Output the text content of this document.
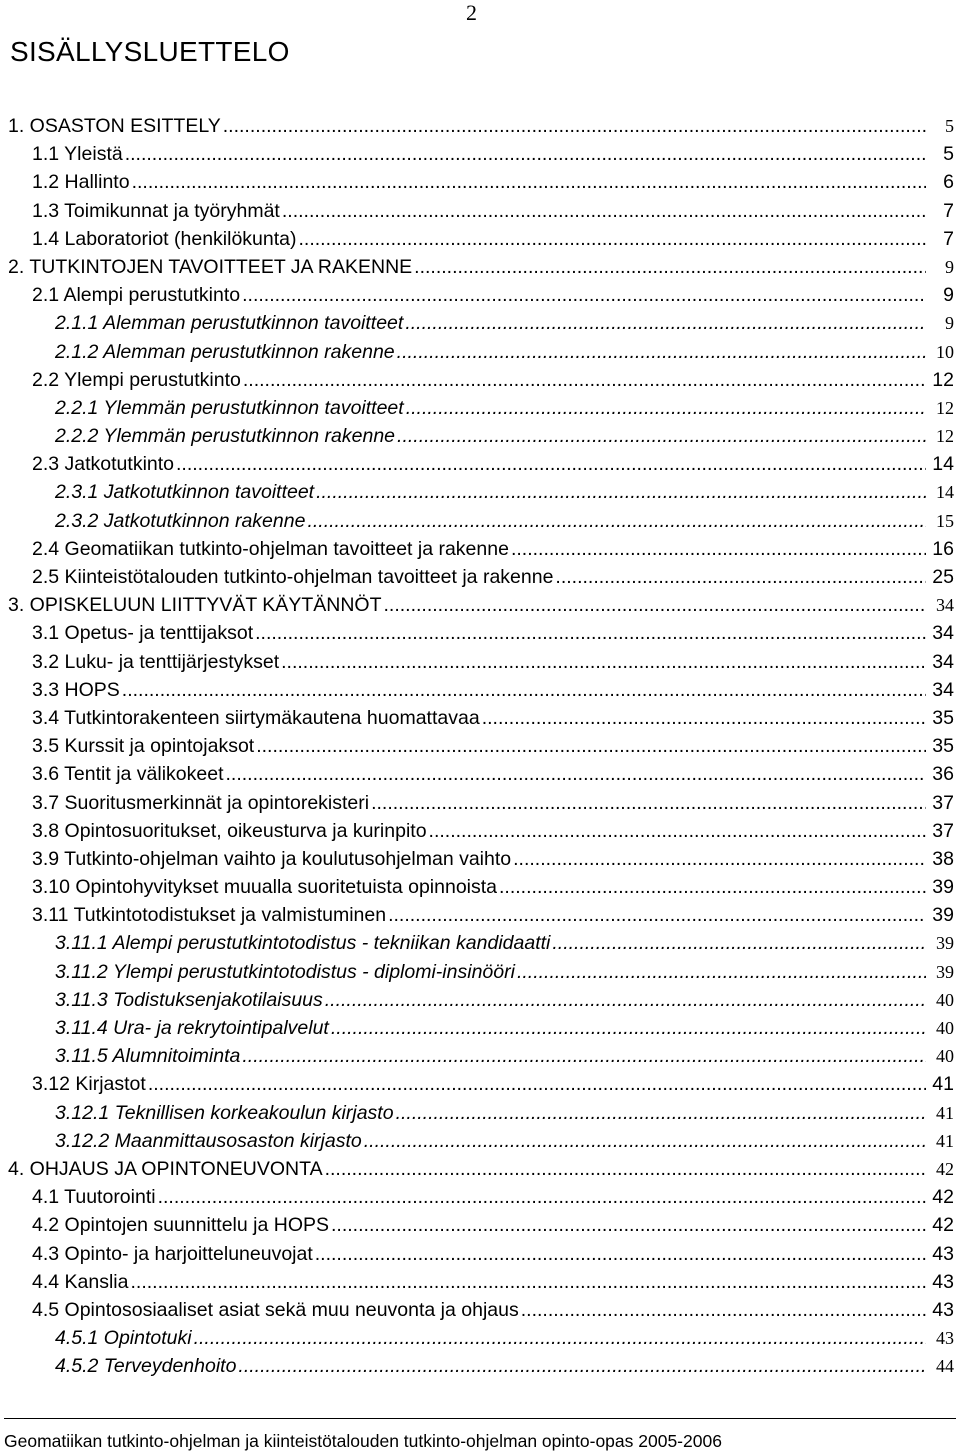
2
SISÄLLYSLUETTELO
1. OSASTON ESITTELY .....	5
1.1 Yleistä .....	5
1.2 Hallinto .....	6
1.3 Toimikunnat ja työryhmät .....	7
1.4 Laboratoriot (henkilökunta) .....	7
2. TUTKINTOJEN TAVOITTEET JA RAKENNE .....	9
2.1 Alempi perustutkinto .....	9
2.1.1 Alemman perustutkinnon tavoitteet .....	9
2.1.2 Alemman perustutkinnon rakenne .....	10
2.2 Ylempi perustutkinto .....	12
2.2.1 Ylemmän perustutkinnon tavoitteet .....	12
2.2.2 Ylemmän perustutkinnon rakenne .....	12
2.3 Jatkotutkinto .....	14
2.3.1 Jatkotutkinnon tavoitteet .....	14
2.3.2 Jatkotutkinnon rakenne .....	15
2.4 Geomatiikan tutkinto-ohjelman tavoitteet ja rakenne .....	16
2.5 Kiinteistötalouden tutkinto-ohjelman tavoitteet ja rakenne .....	25
3. OPISKELUUN LIITTYVÄT KÄYTÄNNÖT .....	34
3.1 Opetus- ja tenttijaksot .....	34
3.2 Luku- ja tenttijärjestykset .....	34
3.3 HOPS .....	34
3.4 Tutkintorakenteen siirtymäkautena huomattavaa .....	35
3.5 Kurssit ja opintojaksot .....	35
3.6 Tentit ja välikokeet .....	36
3.7 Suoritusmerkinnät ja opintorekisteri .....	37
3.8 Opintosuoritukset, oikeusturva ja kurinpito .....	37
3.9 Tutkinto-ohjelman vaihto ja koulutusohjelman vaihto .....	38
3.10 Opintohyvitykset muualla suoritetuista opinnoista .....	39
3.11 Tutkintotodistukset ja valmistuminen .....	39
3.11.1 Alempi perustutkintotodistus - tekniikan kandidaatti .....	39
3.11.2 Ylempi perustutkintotodistus - diplomi-insinööri .....	39
3.11.3 Todistuksenjakotilaisuus .....	40
3.11.4 Ura- ja rekrytointipalvelut .....	40
3.11.5 Alumnitoiminta .....	40
3.12 Kirjastot .....	41
3.12.1 Teknillisen korkeakoulun kirjasto .....	41
3.12.2 Maanmittausosaston kirjasto .....	41
4. OHJAUS JA OPINTONEUVONTA .....	42
4.1 Tuutorointi .....	42
4.2 Opintojen suunnittelu ja HOPS .....	42
4.3 Opinto- ja harjoitteluneuvojat .....	43
4.4 Kanslia .....	43
4.5 Opintososiaaliset asiat sekä muu neuvonta ja ohjaus .....	43
4.5.1 Opintotuki .....	43
4.5.2 Terveydenhoito .....	44
Geomatiikan tutkinto-ohjelman ja kiinteistötalouden tutkinto-ohjelman opinto-opas 2005-2006
